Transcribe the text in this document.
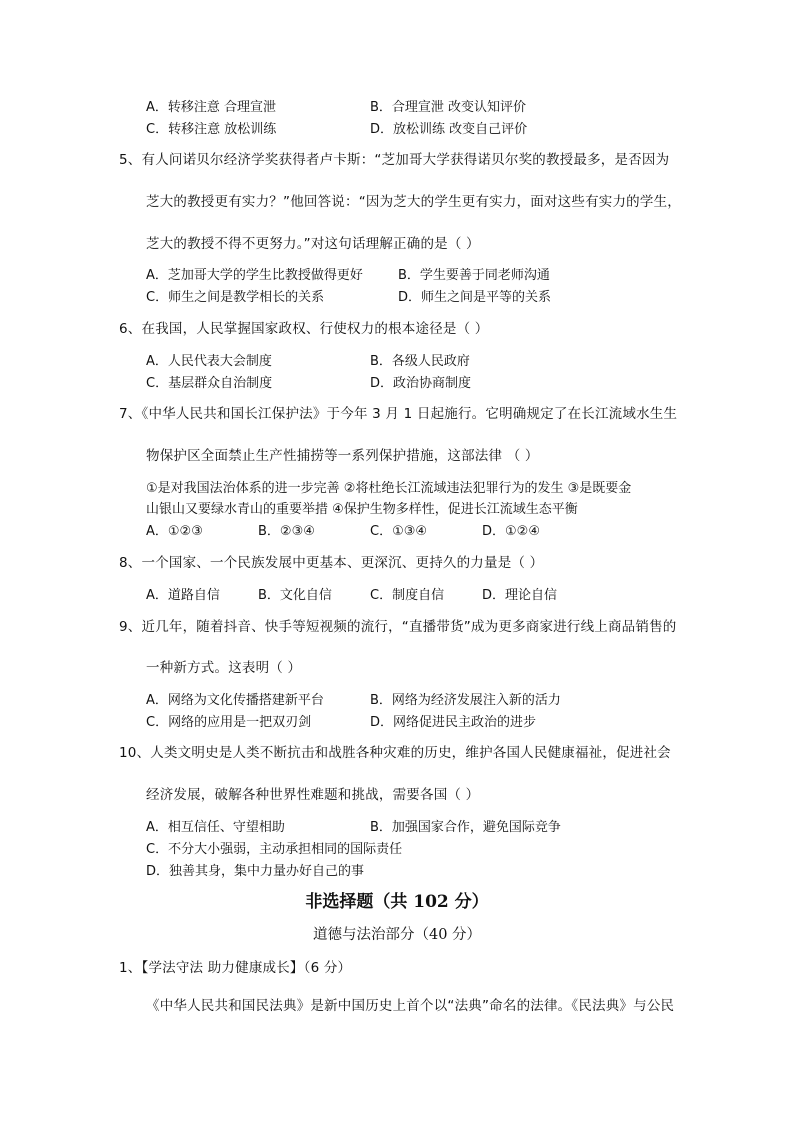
A．转移注意 合理宣泄	B．合理宣泄 改变认知评价
C．转移注意 放松训练	D．放松训练 改变自己评价
5、有人问诺贝尔经济学奖获得者卢卡斯：“芝加哥大学获得诺贝尔奖的教授最多，是否因为
芝大的教授更有实力？”他回答说：“因为芝大的学生更有实力，面对这些有实力的学生，
芝大的教授不得不更努力。”对这句话理解正确的是（ ）
A．芝加哥大学的学生比教授做得更好	B．学生要善于同老师沟通
C．师生之间是教学相长的关系	D．师生之间是平等的关系
6、在我国，人民掌握国家政权、行使权力的根本途径是（ ）
A．人民代表大会制度	B．各级人民政府
C．基层群众自治制度	D．政治协商制度
7、《中华人民共和国长江保护法》于今年 3 月 1 日起施行。它明确规定了在长江流域水生生
物保护区全面禁止生产性捕捞等一系列保护措施，这部法律 （ ）
①是对我国法治体系的进一步完善 ②将杜绝长江流域违法犯罪行为的发生 ③是既要金
山银山又要绿水青山的重要举措 ④保护生物多样性，促进长江流域生态平衡
A．①②③	B．②③④	C．①③④	D．①②④
8、一个国家、一个民族发展中更基本、更深沉、更持久的力量是（ ）
A．道路自信	B．文化自信	C．制度自信	D．理论自信
9、近几年，随着抖音、快手等短视频的流行，“直播带货”成为更多商家进行线上商品销售的
一种新方式。这表明（ ）
A．网络为文化传播搭建新平台	B．网络为经济发展注入新的活力
C．网络的应用是一把双刃剑	D．网络促进民主政治的进步
10、人类文明史是人类不断抗击和战胜各种灾难的历史，维护各国人民健康福祉，促进社会
经济发展，破解各种世界性难题和挑战，需要各国（ ）
A．相互信任、守望相助	B．加强国家合作，避免国际竞争
C．不分大小强弱，主动承担相同的国际责任
D．独善其身，集中力量办好自己的事
非选择题（共 102 分）
道德与法治部分（40 分）
1、【学法守法 助力健康成长】（6 分）
《中华人民共和国民法典》是新中国历史上首个以“法典”命名的法律。《民法典》与公民
